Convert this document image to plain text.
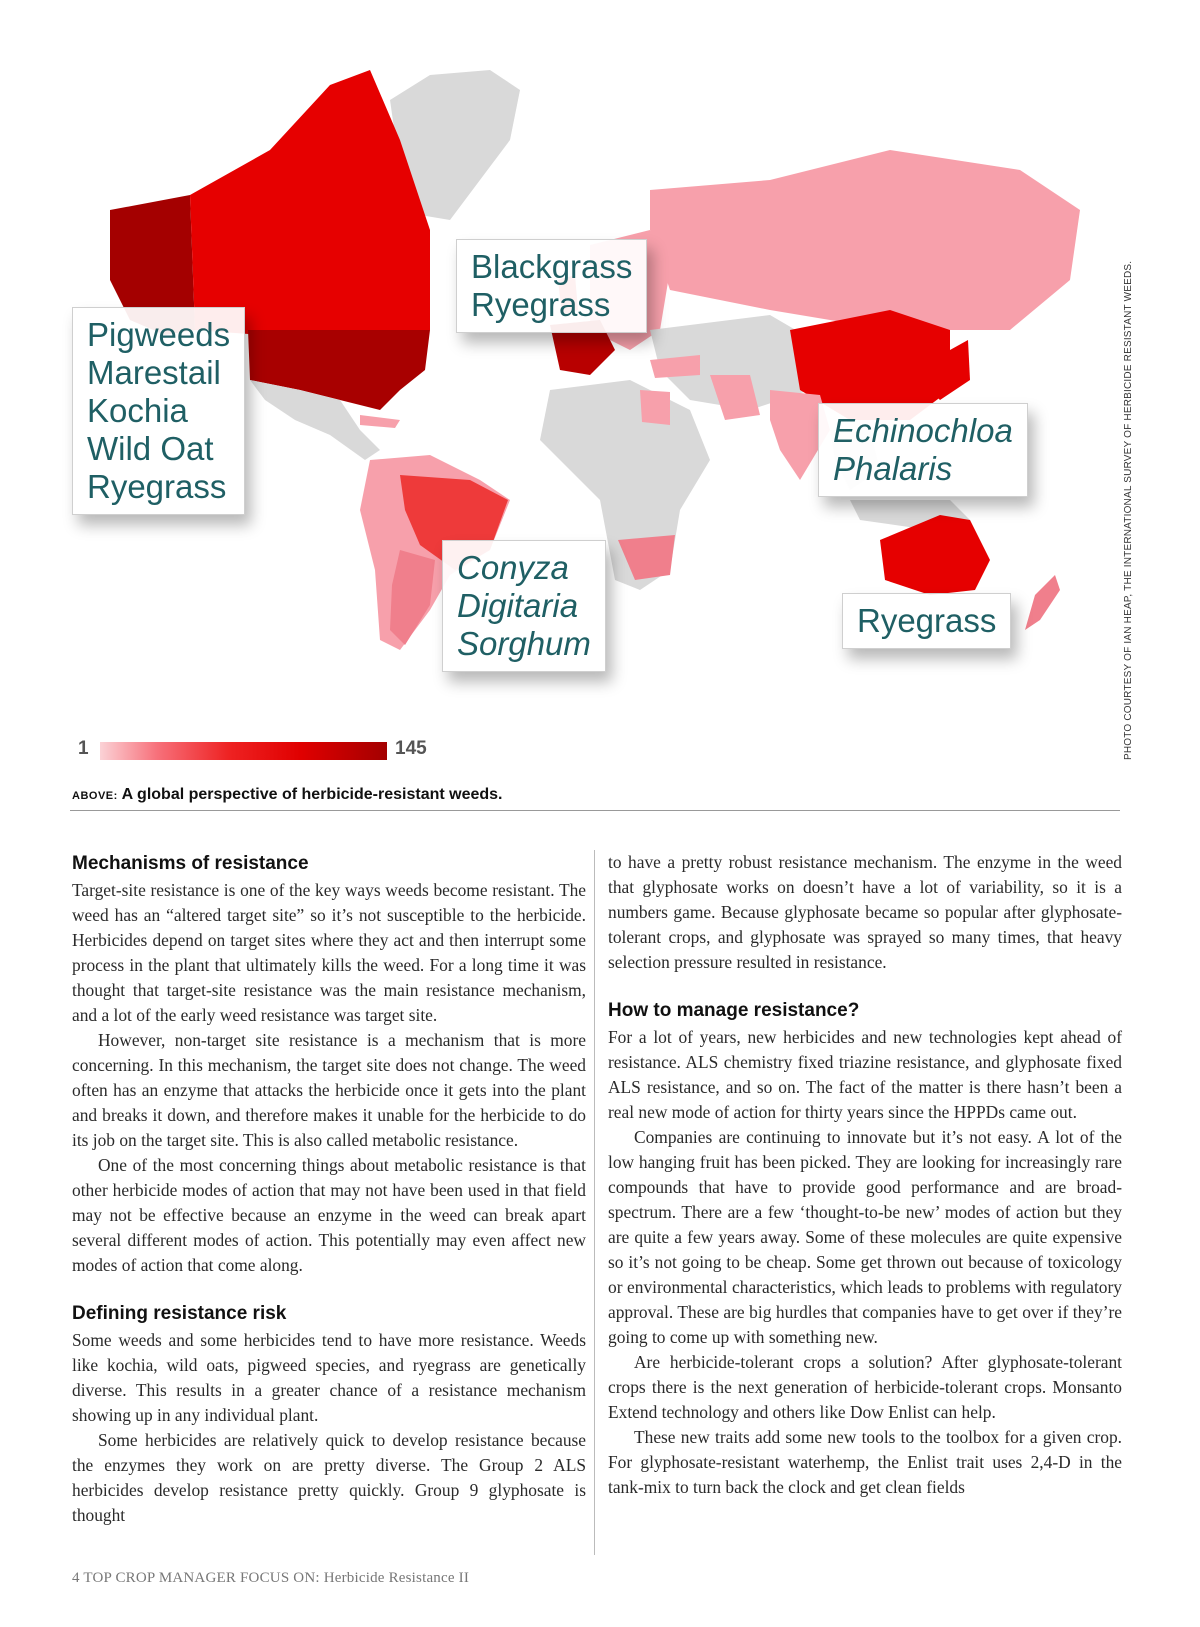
Pigweeds
Marestail
Kochia
Wild Oat
Ryegrass
Blackgrass
Ryegrass
Echinochloa
Phalaris
Conyza
Digitaria
Sorghum
Ryegrass
1	145	PHOTO COURTESY OF IAN HEAP, THE INTERNATIONAL SURVEY OF HERBICIDE RESISTANT WEEDS.
ABOVE: A global perspective of herbicide-resistant weeds.
Mechanisms of resistance

Target-site resistance is one of the key ways weeds become resistant. The weed has an “altered target site” so it’s not susceptible to the herbicide. Herbicides depend on target sites where they act and then interrupt some process in the plant that ultimately kills the weed. For a long time it was thought that target-site resistance was the main resistance mechanism, and a lot of the early weed resistance was target site.

However, non-target site resistance is a mechanism that is more concerning. In this mechanism, the target site does not change. The weed often has an enzyme that attacks the herbicide once it gets into the plant and breaks it down, and therefore makes it unable for the herbicide to do its job on the target site. This is also called metabolic resistance.

One of the most concerning things about metabolic resistance is that other herbicide modes of action that may not have been used in that field may not be effective because an enzyme in the weed can break apart several different modes of action. This potentially may even affect new modes of action that come along.

Defining resistance risk

Some weeds and some herbicides tend to have more resistance. Weeds like kochia, wild oats, pigweed species, and ryegrass are genetically diverse. This results in a greater chance of a resistance mechanism showing up in any individual plant.

Some herbicides are relatively quick to develop resistance because the enzymes they work on are pretty diverse. The Group 2 ALS herbicides develop resistance pretty quickly. Group 9 glyphosate is thought

to have a pretty robust resistance mechanism. The enzyme in the weed that glyphosate works on doesn’t have a lot of variability, so it is a numbers game. Because glyphosate became so popular after glyphosate-tolerant crops, and glyphosate was sprayed so many times, that heavy selection pressure resulted in resistance.

How to manage resistance?

For a lot of years, new herbicides and new technologies kept ahead of resistance. ALS chemistry fixed triazine resistance, and glyphosate fixed ALS resistance, and so on. The fact of the matter is there hasn’t been a real new mode of action for thirty years since the HPPDs came out.

Companies are continuing to innovate but it’s not easy. A lot of the low hanging fruit has been picked. They are looking for increasingly rare compounds that have to provide good performance and are broad-spectrum. There are a few ‘thought-to-be new’ modes of action but they are quite a few years away. Some of these molecules are quite expensive so it’s not going to be cheap. Some get thrown out because of toxicology or environmental characteristics, which leads to problems with regulatory approval. These are big hurdles that companies have to get over if they’re going to come up with something new.

Are herbicide-tolerant crops a solution? After glyphosate-tolerant crops there is the next generation of herbicide-tolerant crops. Monsanto Extend technology and others like Dow Enlist can help.

These new traits add some new tools to the toolbox for a given crop. For glyphosate-resistant waterhemp, the Enlist trait uses 2,4-D in the tank-mix to turn back the clock and get clean fields

4 TOP CROP MANAGER FOCUS ON: Herbicide Resistance II
